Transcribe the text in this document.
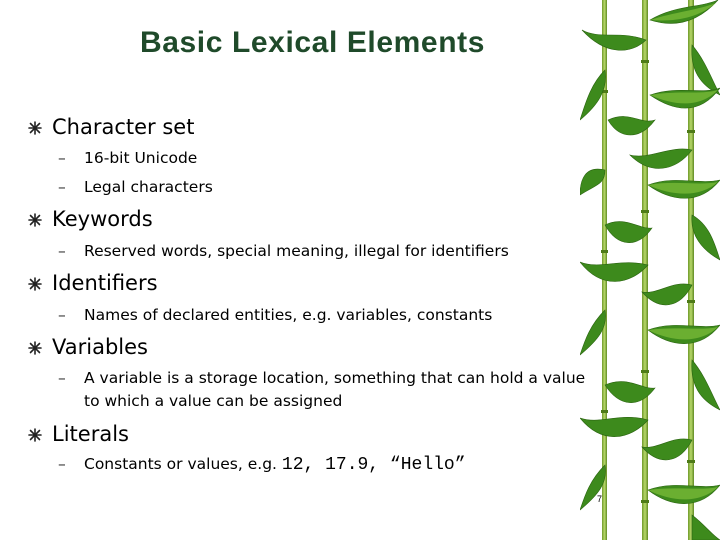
Basic Lexical Elements
Character set
– 16-bit Unicode
– Legal characters
Keywords
– Reserved words, special meaning, illegal for identifiers
Identifiers
– Names of declared entities, e.g. variables, constants
Variables
– A variable is a storage location, something that can hold a value to which a value can be assigned
Literals
– Constants or values, e.g. 12, 17.9, “Hello”
7
